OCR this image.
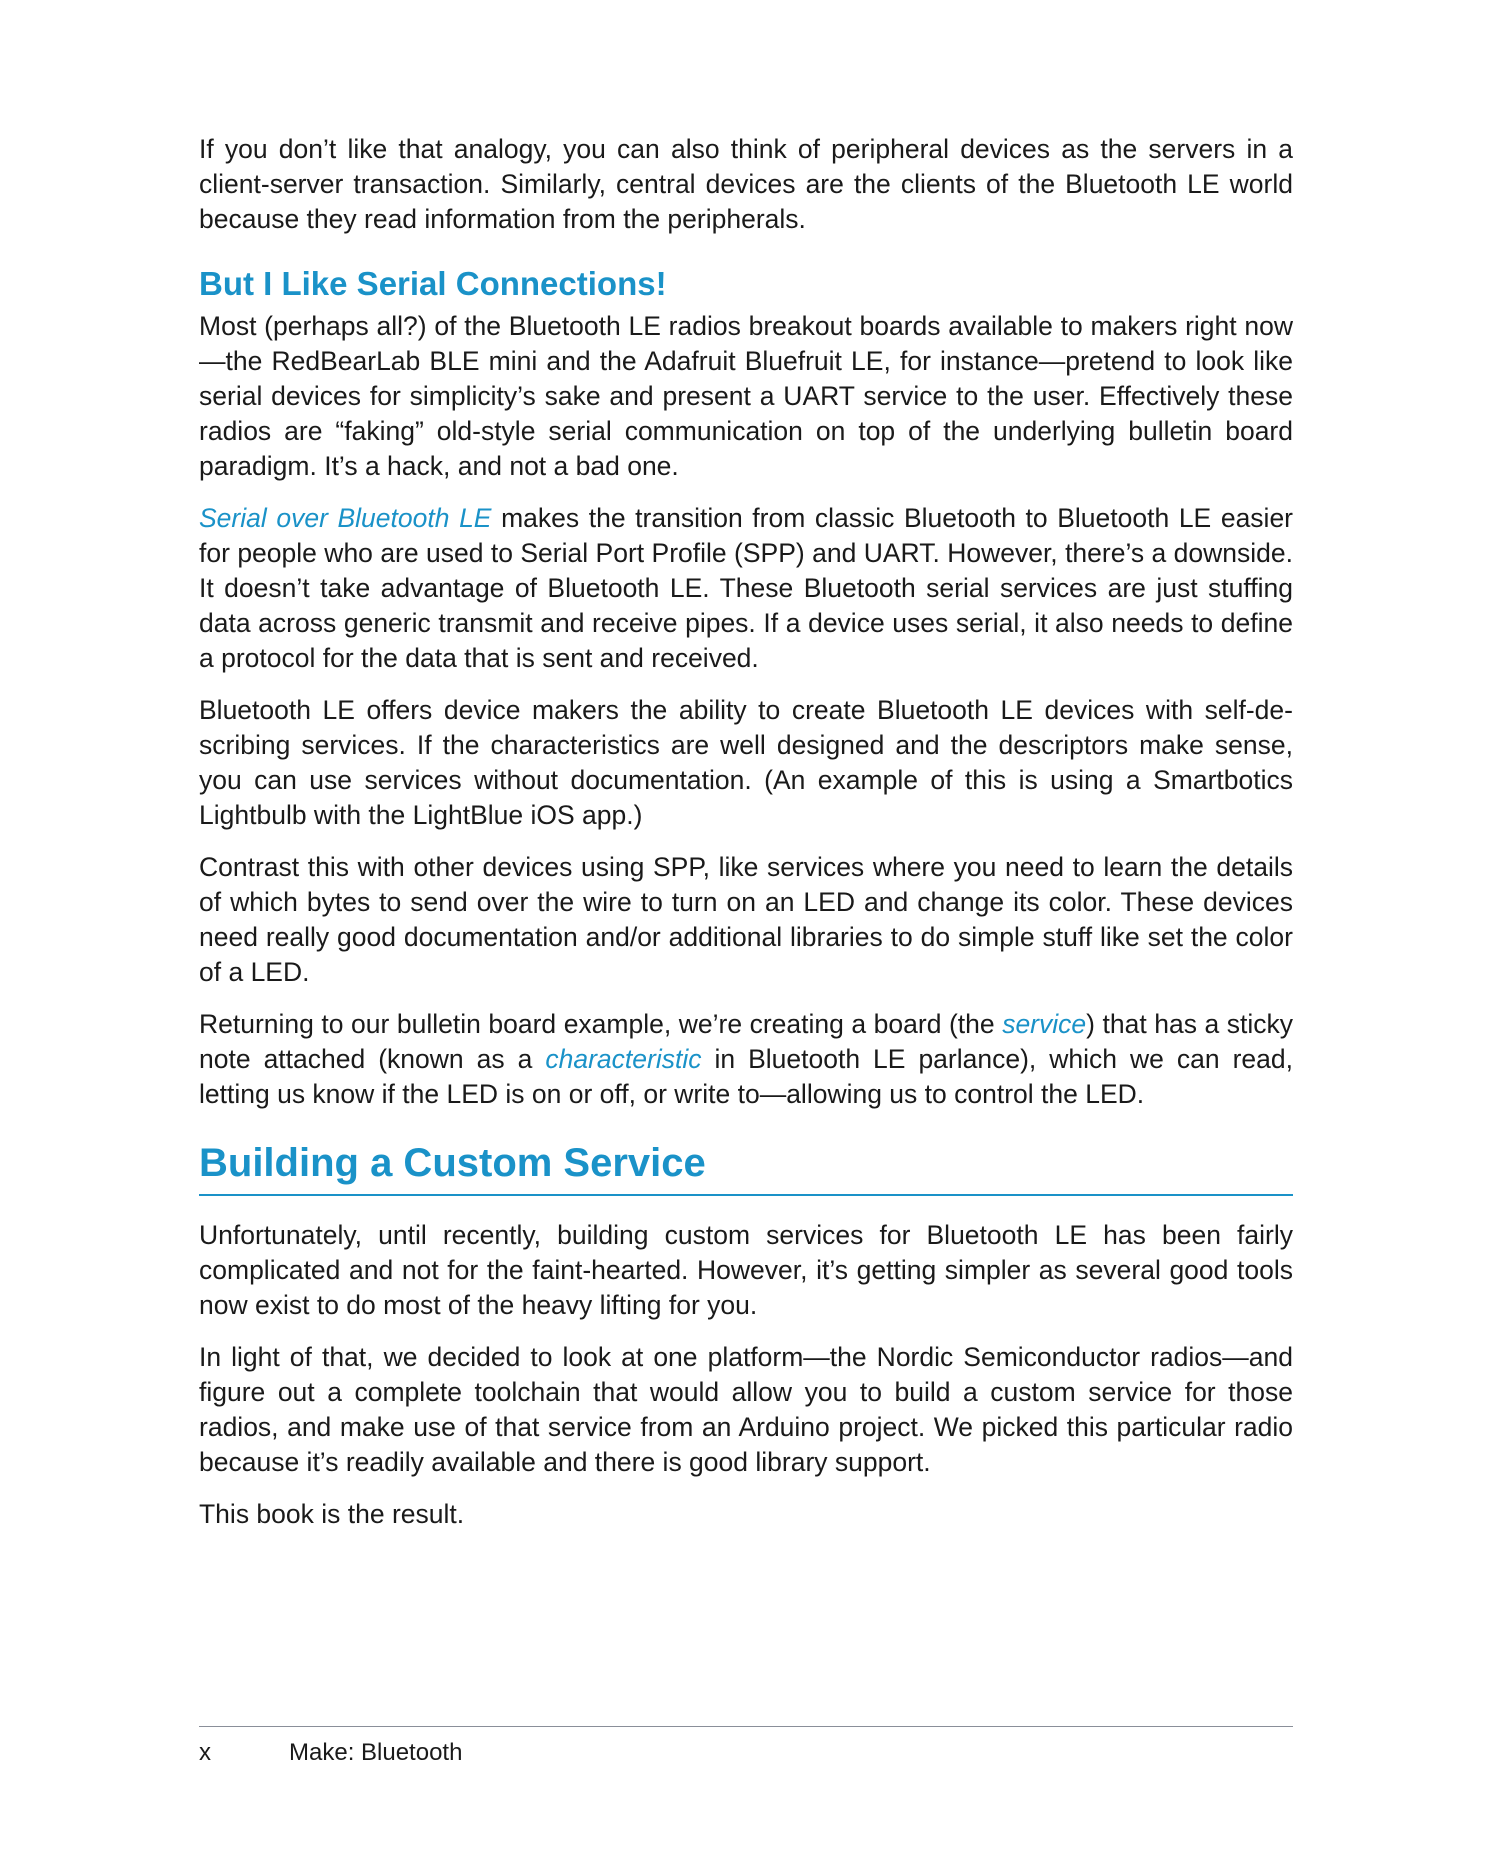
If you don’t like that analogy, you can also think of peripheral devices as the servers in a client-server transaction. Similarly, central devices are the clients of the Bluetooth LE world because they read information from the peripherals.

But I Like Serial Connections!

Most (perhaps all?) of the Bluetooth LE radios breakout boards available to makers right now—the RedBearLab BLE mini and the Adafruit Bluefruit LE, for instance—pretend to look like serial devices for simplicity’s sake and present a UART service to the user. Effectively these radios are “faking” old-style serial communication on top of the underlying bulletin board paradigm. It’s a hack, and not a bad one.

Serial over Bluetooth LE makes the transition from classic Bluetooth to Bluetooth LE easier for people who are used to Serial Port Profile (SPP) and UART. However, there’s a downside. It doesn’t take advantage of Bluetooth LE. These Bluetooth serial services are just stuffing data across generic transmit and receive pipes. If a device uses serial, it also needs to define a protocol for the data that is sent and received.

Bluetooth LE offers device makers the ability to create Bluetooth LE devices with self-describing services. If the characteristics are well designed and the descriptors make sense, you can use services without documentation. (An example of this is using a Smartbotics Lightbulb with the LightBlue iOS app.)

Contrast this with other devices using SPP, like services where you need to learn the details of which bytes to send over the wire to turn on an LED and change its color. These devices need really good documentation and/or additional libraries to do simple stuff like set the color of a LED.

Returning to our bulletin board example, we’re creating a board (the service) that has a sticky note attached (known as a characteristic in Bluetooth LE parlance), which we can read, letting us know if the LED is on or off, or write to—allowing us to control the LED.

Building a Custom Service

Unfortunately, until recently, building custom services for Bluetooth LE has been fairly complicated and not for the faint-hearted. However, it’s getting simpler as several good tools now exist to do most of the heavy lifting for you.

In light of that, we decided to look at one platform—the Nordic Semiconductor radios—and figure out a complete toolchain that would allow you to build a custom service for those radios, and make use of that service from an Arduino project. We picked this particular radio because it’s readily available and there is good library support.

This book is the result.

x	Make: Bluetooth
